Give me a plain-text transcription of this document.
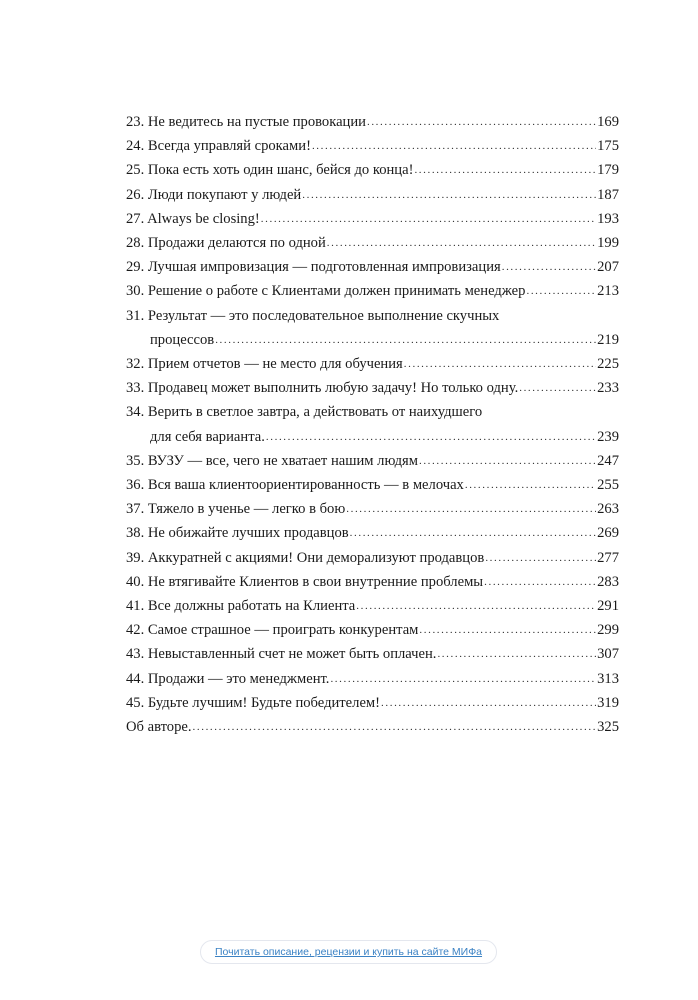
23. Не ведитесь на пустые провокации .....	169
24. Всегда управляй сроками! .....	175
25. Пока есть хоть один шанс, бейся до конца! .....	179
26. Люди покупают у людей .....	187
27. Always be closing! .....	193
28. Продажи делаются по одной .....	199
29. Лучшая импровизация — подготовленная импровизация .....	207
30. Решение о работе с Клиентами должен принимать менеджер .....	213
31. Результат — это последовательное выполнение скучных
процессов .....	219
32. Прием отчетов — не место для обучения .....	225
33. Продавец может выполнить любую задачу! Но только одну. .....	233
34. Верить в светлое завтра, а действовать от наихудшего
для себя варианта. .....	239
35. ВУЗУ — все, чего не хватает нашим людям .....	247
36. Вся ваша клиентоориентированность — в мелочах .....	255
37. Тяжело в ученье — легко в бою .....	263
38. Не обижайте лучших продавцов .....	269
39. Аккуратней с акциями! Они деморализуют продавцов .....	277
40. Не втягивайте Клиентов в свои внутренние проблемы .....	283
41. Все должны работать на Клиента .....	291
42. Самое страшное — проиграть конкурентам .....	299
43. Невыставленный счет не может быть оплачен. .....	307
44. Продажи — это менеджмент. .....	313
45. Будьте лучшим! Будьте победителем! .....	319
Об авторе. .....	325
Почитать описание, рецензии и купить на сайте МИФа
